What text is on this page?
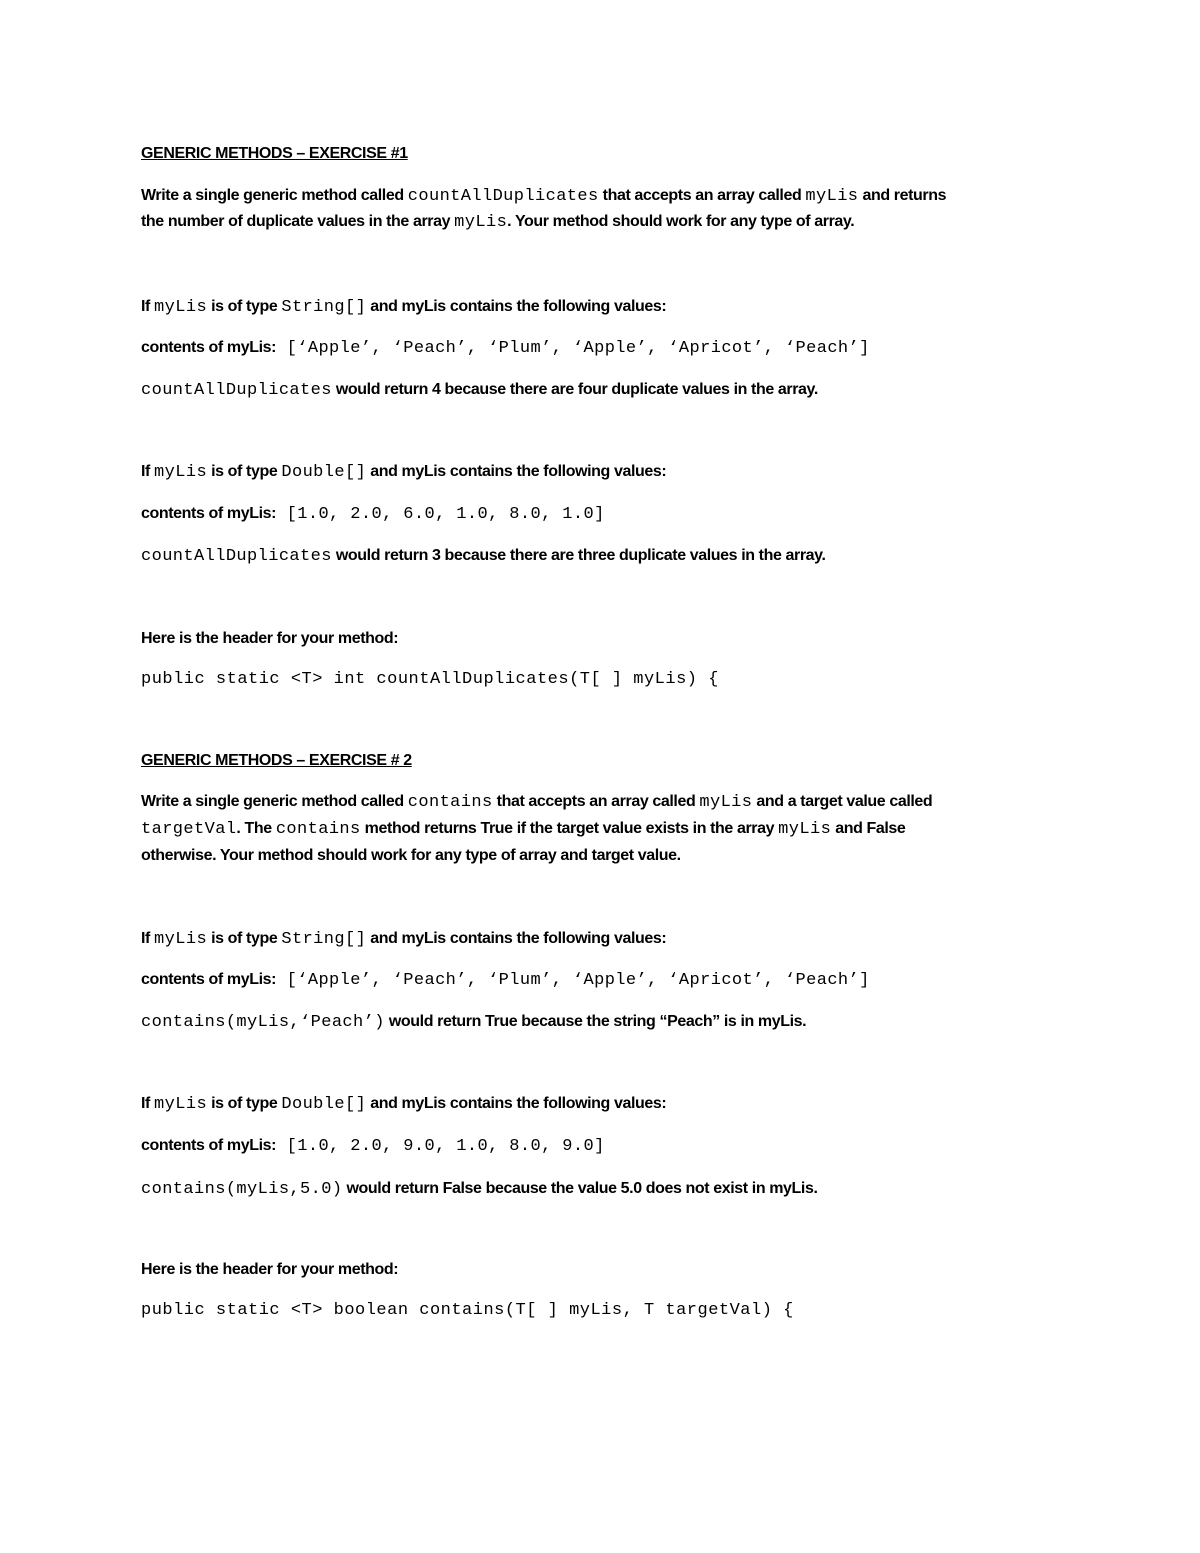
GENERIC METHODS – EXERCISE #1
Write a single generic method called countAllDuplicates that accepts an array called myLis and returns
the number of duplicate values in the array myLis. Your method should work for any type of array.
If myLis is of type String[] and myLis contains the following values:
contents of myLis: [‘Apple’, ‘Peach’, ‘Plum’, ‘Apple’, ‘Apricot’, ‘Peach’]
countAllDuplicates would return 4 because there are four duplicate values in the array.
If myLis is of type Double[] and myLis contains the following values:
contents of myLis: [1.0, 2.0, 6.0, 1.0, 8.0, 1.0]
countAllDuplicates would return 3 because there are three duplicate values in the array.
Here is the header for your method:
public static <T> int countAllDuplicates(T[ ] myLis) {
GENERIC METHODS – EXERCISE # 2
Write a single generic method called contains that accepts an array called myLis and a target value called
targetVal. The contains method returns True if the target value exists in the array myLis and False
otherwise. Your method should work for any type of array and target value.
If myLis is of type String[] and myLis contains the following values:
contents of myLis: [‘Apple’, ‘Peach’, ‘Plum’, ‘Apple’, ‘Apricot’, ‘Peach’]
contains(myLis,‘Peach’) would return True because the string “Peach” is in myLis.
If myLis is of type Double[] and myLis contains the following values:
contents of myLis: [1.0, 2.0, 9.0, 1.0, 8.0, 9.0]
contains(myLis,5.0) would return False because the value 5.0 does not exist in myLis.
Here is the header for your method:
public static <T> boolean contains(T[ ] myLis, T targetVal) {
